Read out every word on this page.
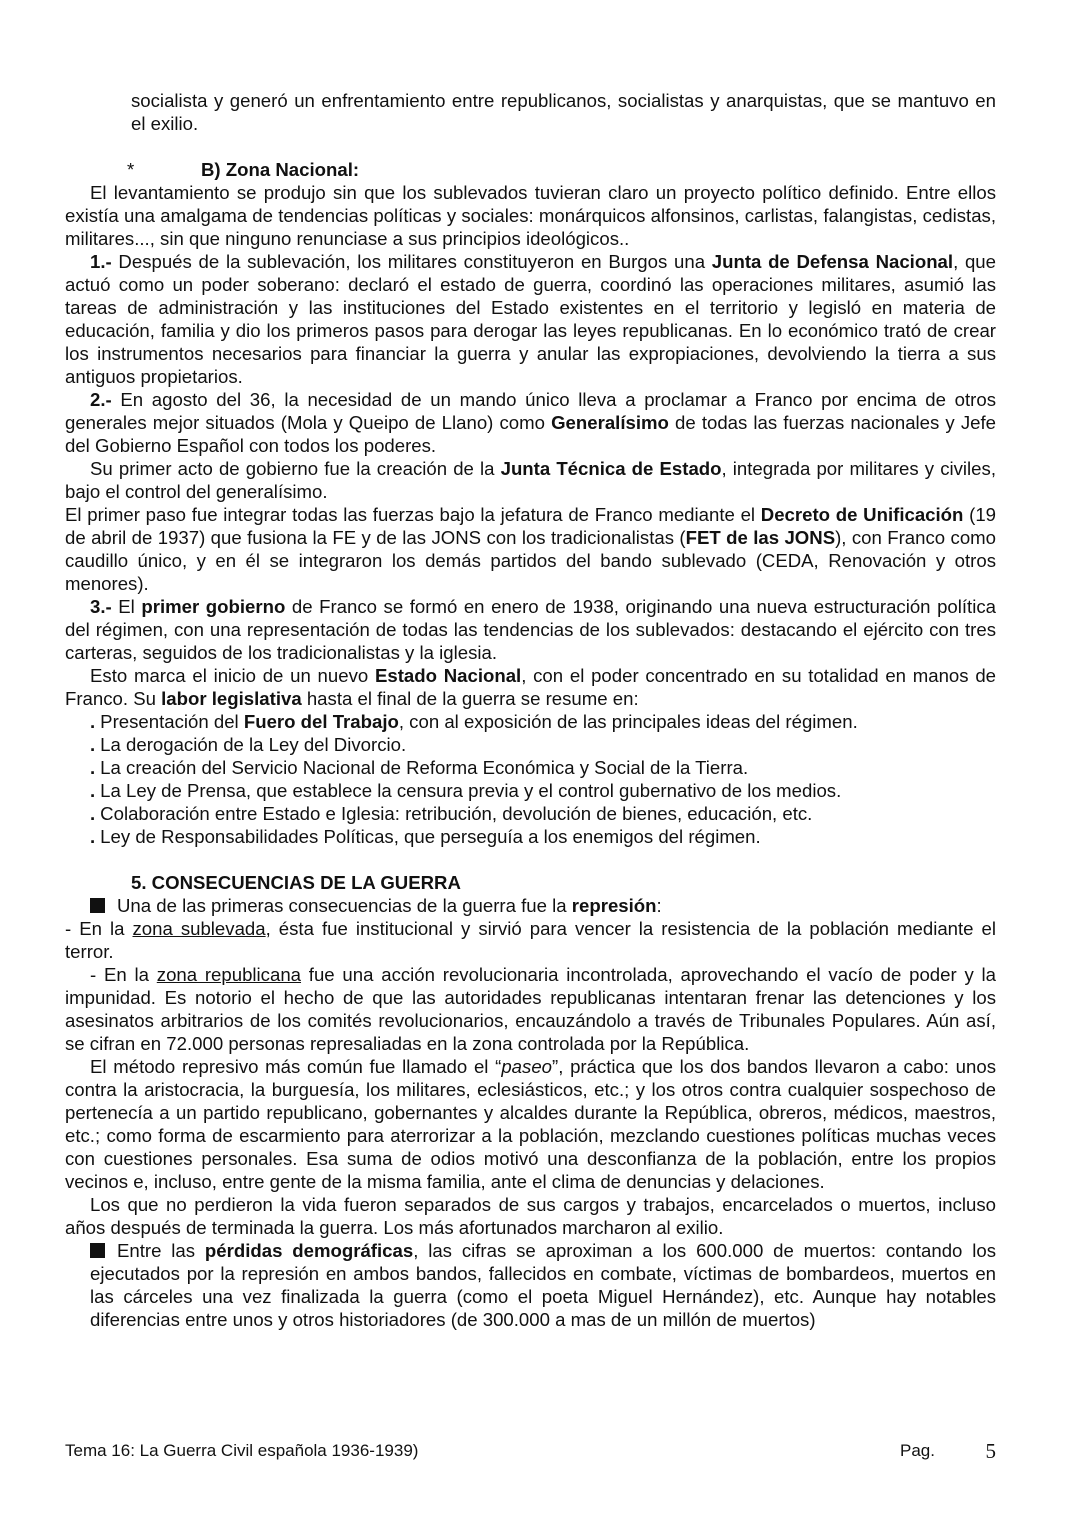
socialista y generó un enfrentamiento entre republicanos, socialistas y anarquistas, que se mantuvo en el exilio.

*	B) Zona Nacional:

El levantamiento se produjo sin que los sublevados tuvieran claro un proyecto político definido. Entre ellos existía una amalgama de tendencias políticas y sociales: monárquicos alfonsinos, carlistas, falangistas, cedistas, militares..., sin que ninguno renunciase a sus principios ideológicos..

1.- Después de la sublevación, los militares constituyeron en Burgos una Junta de Defensa Nacional, que actuó como un poder soberano: declaró el estado de guerra, coordinó las operaciones militares, asumió las tareas de administración y las instituciones del Estado existentes en el territorio y legisló en materia de educación, familia y dio los primeros pasos para derogar las leyes republicanas. En lo económico trató de crear los instrumentos necesarios para financiar la guerra y anular las expropiaciones, devolviendo la tierra a sus antiguos propietarios.

2.- En agosto del 36, la necesidad de un mando único lleva a proclamar a Franco por encima de otros generales mejor situados (Mola y Queipo de Llano) como Generalísimo de todas las fuerzas nacionales y Jefe del Gobierno Español con todos los poderes.

Su primer acto de gobierno fue la creación de la Junta Técnica de Estado, integrada por militares y civiles, bajo el control del generalísimo.

El primer paso fue integrar todas las fuerzas bajo la jefatura de Franco mediante el Decreto de Unificación (19 de abril de 1937) que fusiona la FE y de las JONS con los tradicionalistas (FET de las JONS), con Franco como caudillo único, y en él se integraron los demás partidos del bando sublevado (CEDA, Renovación y otros menores).

3.- El primer gobierno de Franco se formó en enero de 1938, originando una nueva estructuración política del régimen, con una representación de todas las tendencias de los sublevados: destacando el ejército con tres carteras, seguidos de los tradicionalistas y la iglesia.

Esto marca el inicio de un nuevo Estado Nacional, con el poder concentrado en su totalidad en manos de Franco. Su labor legislativa hasta el final de la guerra se resume en:

. Presentación del Fuero del Trabajo, con al exposición de las principales ideas del régimen.
. La derogación de la Ley del Divorcio.
. La creación del Servicio Nacional de Reforma Económica y Social de la Tierra.
. La Ley de Prensa, que establece la censura previa y el control gubernativo de los medios.
. Colaboración entre Estado e Iglesia: retribución, devolución de bienes, educación, etc.
. Ley de Responsabilidades Políticas, que perseguía a los enemigos del régimen.

5. CONSECUENCIAS DE LA GUERRA

Una de las primeras consecuencias de la guerra fue la represión:

- En la zona sublevada, ésta fue institucional y sirvió para vencer la resistencia de la población mediante el terror.

- En la zona republicana fue una acción revolucionaria incontrolada, aprovechando el vacío de poder y la impunidad. Es notorio el hecho de que las autoridades republicanas intentaran frenar las detenciones y los asesinatos arbitrarios de los comités revolucionarios, encauzándolo a través de Tribunales Populares. Aún así, se cifran en 72.000 personas represaliadas en la zona controlada por la República.

El método represivo más común fue llamado el “paseo”, práctica que los dos bandos llevaron a cabo: unos contra la aristocracia, la burguesía, los militares, eclesiásticos, etc.; y los otros contra cualquier sospechoso de pertenecía a un partido republicano, gobernantes y alcaldes durante la República, obreros, médicos, maestros, etc.; como forma de escarmiento para aterrorizar a la población, mezclando cuestiones políticas muchas veces con cuestiones personales. Esa suma de odios motivó una desconfianza de la población, entre los propios vecinos e, incluso, entre gente de la misma familia, ante el clima de denuncias y delaciones.

Los que no perdieron la vida fueron separados de sus cargos y trabajos, encarcelados o muertos, incluso años después de terminada la guerra. Los más afortunados marcharon al exilio.

Entre las pérdidas demográficas, las cifras se aproximan a los 600.000 de muertos: contando los ejecutados por la represión en ambos bandos, fallecidos en combate, víctimas de bombardeos, muertos en las cárceles una vez finalizada la guerra (como el poeta Miguel Hernández), etc. Aunque hay notables diferencias entre unos y otros historiadores (de 300.000 a mas de un millón de muertos)

Tema 16: La Guerra Civil española 1936-1939)	Pag. 5
